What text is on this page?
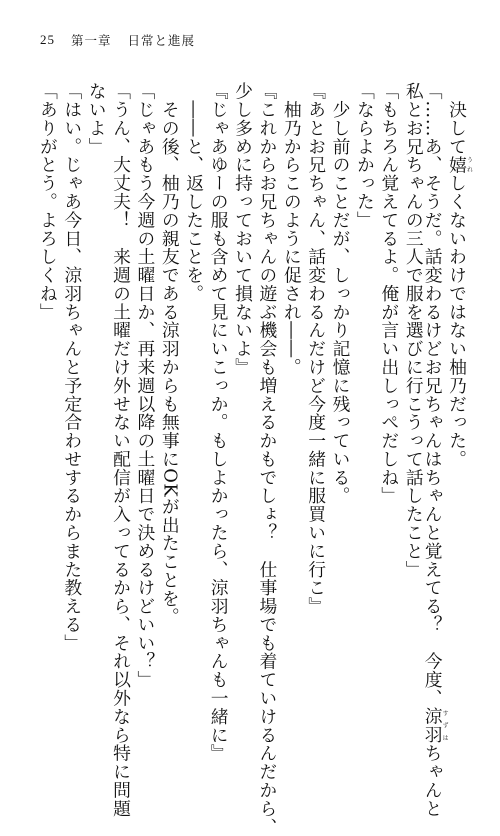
25 第一章 日常と進展
　決して嬉うれしくないわけではない柚乃だった。
「……あ、そうだ。話変わるけどお兄ちゃんはちゃんと覚えてる？　今度、涼羽すずはちゃんと
私とお兄ちゃんの三人で服を選びに行こうって話したこと」
「もちろん覚えてるよ。俺が言い出しっぺだしね」
「ならよかった」
　少し前のことだが、しっかり記憶に残っている。
『あとお兄ちゃん、話変わるんだけど今度一緒に服買いに行こ』
　柚乃からこのように促され――。
『これからお兄ちゃんの遊ぶ機会も増えるかもでしょ？　仕事場でも着ていけるんだから、
少し多めに持っておいて損ないよ』
『じゃあゆーの服も含めて見にいこっか。もしよかったら、涼羽ちゃんも一緒に』
　――と、返したことを。
　その後、柚乃の親友である涼羽からも無事にOKが出たことを。
「じゃあもう今週の土曜日か、再来週以降の土曜日で決めるけどいい？」
「うん、大丈夫！　来週の土曜だけ外せない配信が入ってるから、それ以外なら特に問題
ないよ」
「はい。じゃあ今日、涼羽ちゃんと予定合わせするからまた教える」
「ありがとう。よろしくね」
